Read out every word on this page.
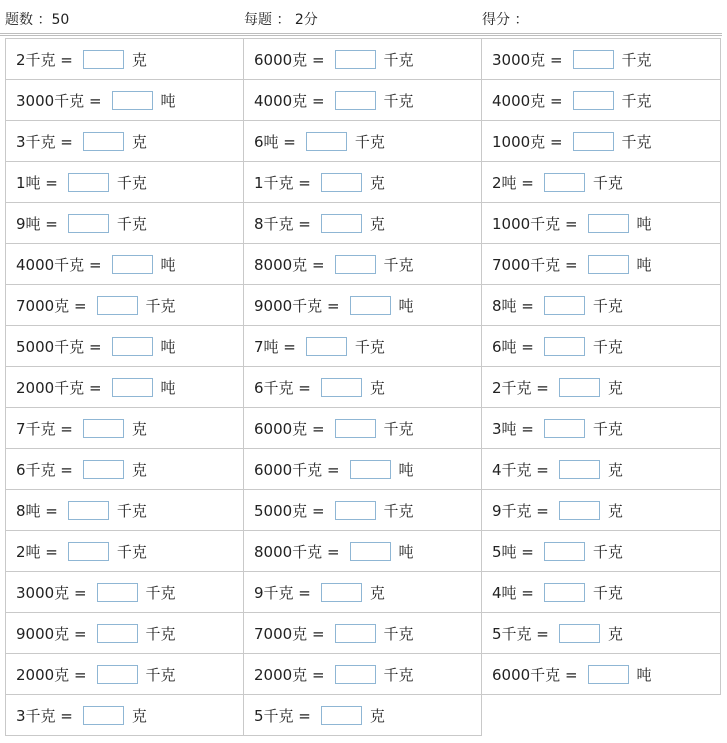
题数 ：50	每题 ： 2分	得分 ：
2千克 =	克	6000克 =	千克	3000克 =	千克
3000千克 =	吨	4000克 =	千克	4000克 =	千克
3千克 =	克	6吨 =	千克	1000克 =	千克
1吨 =	千克	1千克 =	克	2吨 =	千克
9吨 =	千克	8千克 =	克	1000千克 =	吨
4000千克 =	吨	8000克 =	千克	7000千克 =	吨
7000克 =	千克	9000千克 =	吨	8吨 =	千克
5000千克 =	吨	7吨 =	千克	6吨 =	千克
2000千克 =	吨	6千克 =	克	2千克 =	克
7千克 =	克	6000克 =	千克	3吨 =	千克
6千克 =	克	6000千克 =	吨	4千克 =	克
8吨 =	千克	5000克 =	千克	9千克 =	克
2吨 =	千克	8000千克 =	吨	5吨 =	千克
3000克 =	千克	9千克 =	克	4吨 =	千克
9000克 =	千克	7000克 =	千克	5千克 =	克
2000克 =	千克	2000克 =	千克	6000千克 =	吨
3千克 =	克	5千克 =	克
